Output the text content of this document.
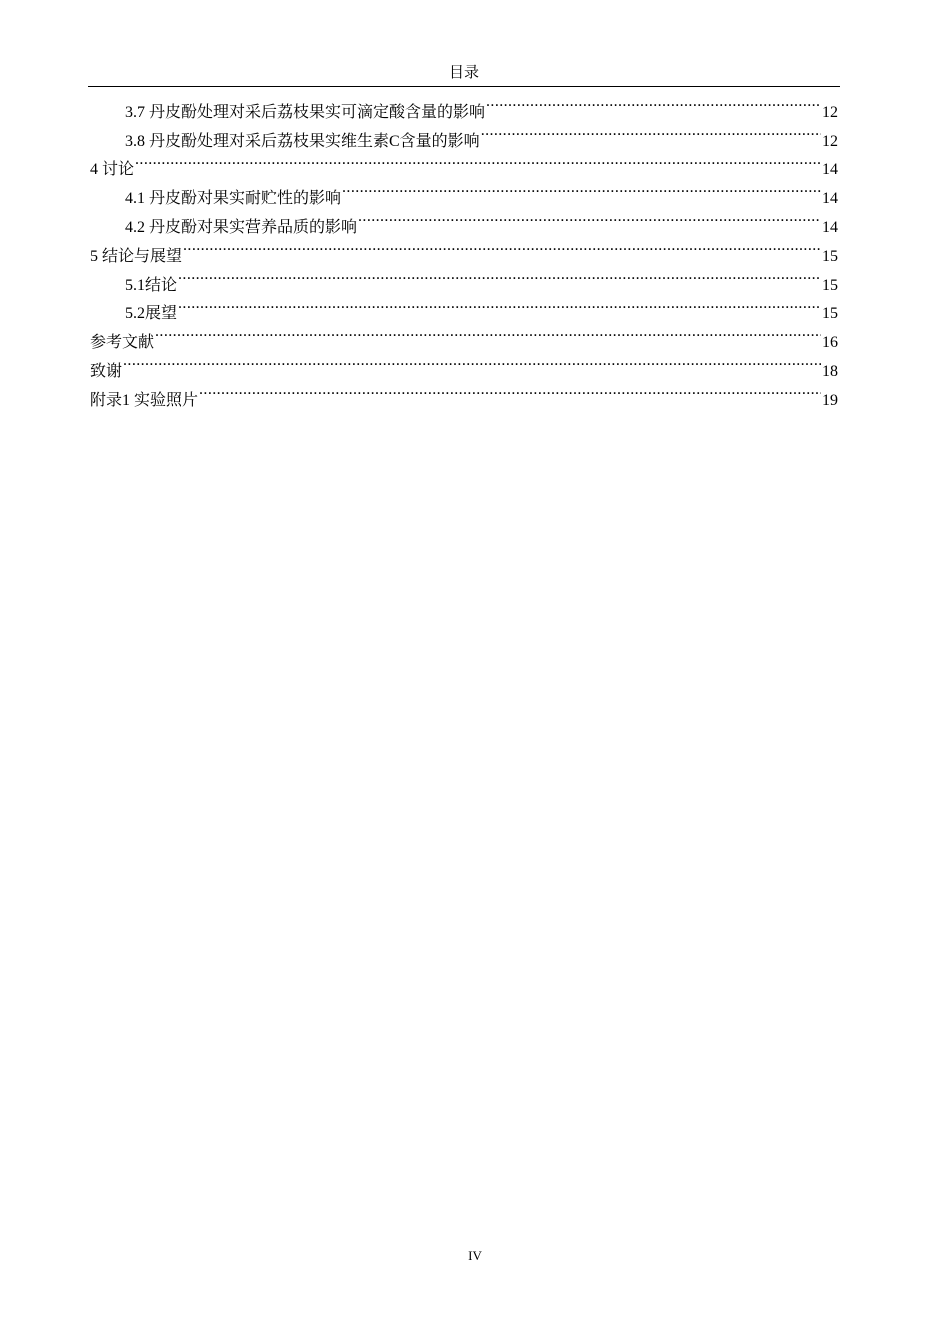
目录
3.7 丹皮酚处理对采后荔枝果实可滴定酸含量的影响 .....	12
3.8 丹皮酚处理对采后荔枝果实维生素C含量的影响 .....	12
4 讨论 .....	14
4.1 丹皮酚对果实耐贮性的影响 .....	14
4.2 丹皮酚对果实营养品质的影响 .....	14
5 结论与展望 .....	15
5.1结论 .....	15
5.2展望 .....	15
参考文献 .....	16
致谢 .....	18
附录1 实验照片 .....	19
IV
